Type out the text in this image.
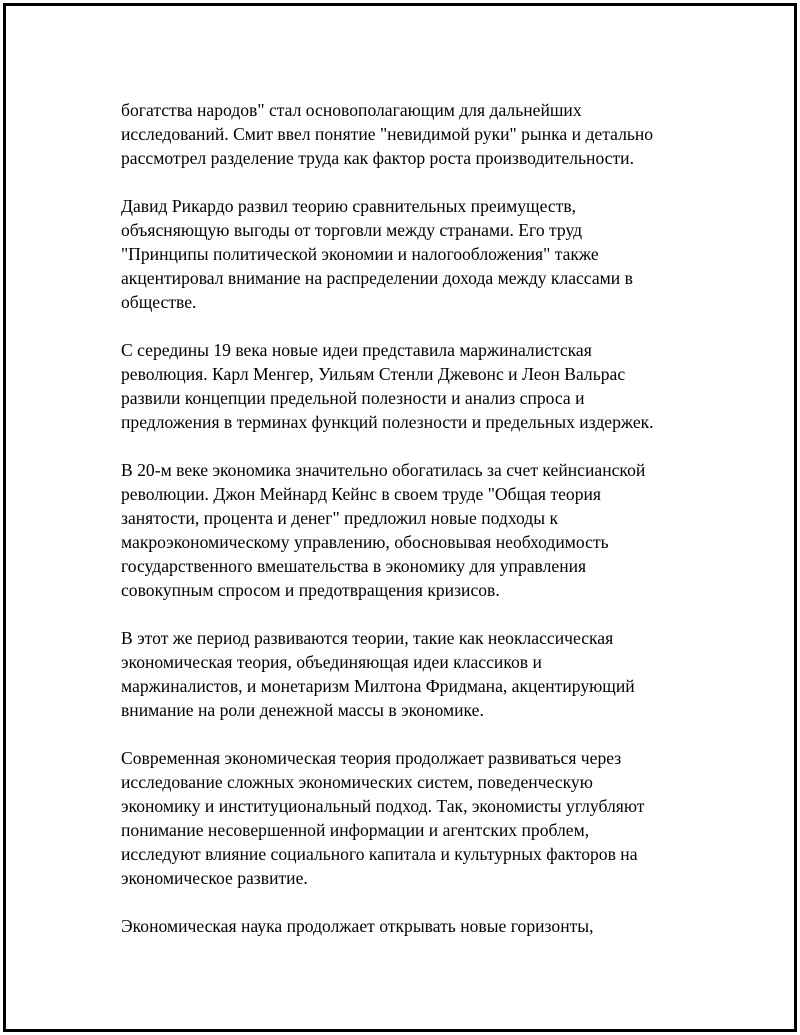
богатства народов" стал основополагающим для дальнейших
исследований. Смит ввел понятие "невидимой руки" рынка и детально
рассмотрел разделение труда как фактор роста производительности.

Давид Рикардо развил теорию сравнительных преимуществ,
объясняющую выгоды от торговли между странами. Его труд
"Принципы политической экономии и налогообложения" также
акцентировал внимание на распределении дохода между классами в
обществе.

С середины 19 века новые идеи представила маржиналистская
революция. Карл Менгер, Уильям Стенли Джевонс и Леон Вальрас
развили концепции предельной полезности и анализ спроса и
предложения в терминах функций полезности и предельных издержек.

В 20-м веке экономика значительно обогатилась за счет кейнсианской
революции. Джон Мейнард Кейнс в своем труде "Общая теория
занятости, процента и денег" предложил новые подходы к
макроэкономическому управлению, обосновывая необходимость
государственного вмешательства в экономику для управления
совокупным спросом и предотвращения кризисов.

В этот же период развиваются теории, такие как неоклассическая
экономическая теория, объединяющая идеи классиков и
маржиналистов, и монетаризм Милтона Фридмана, акцентирующий
внимание на роли денежной массы в экономике.

Современная экономическая теория продолжает развиваться через
исследование сложных экономических систем, поведенческую
экономику и институциональный подход. Так, экономисты углубляют
понимание несовершенной информации и агентских проблем,
исследуют влияние социального капитала и культурных факторов на
экономическое развитие.

Экономическая наука продолжает открывать новые горизонты,
